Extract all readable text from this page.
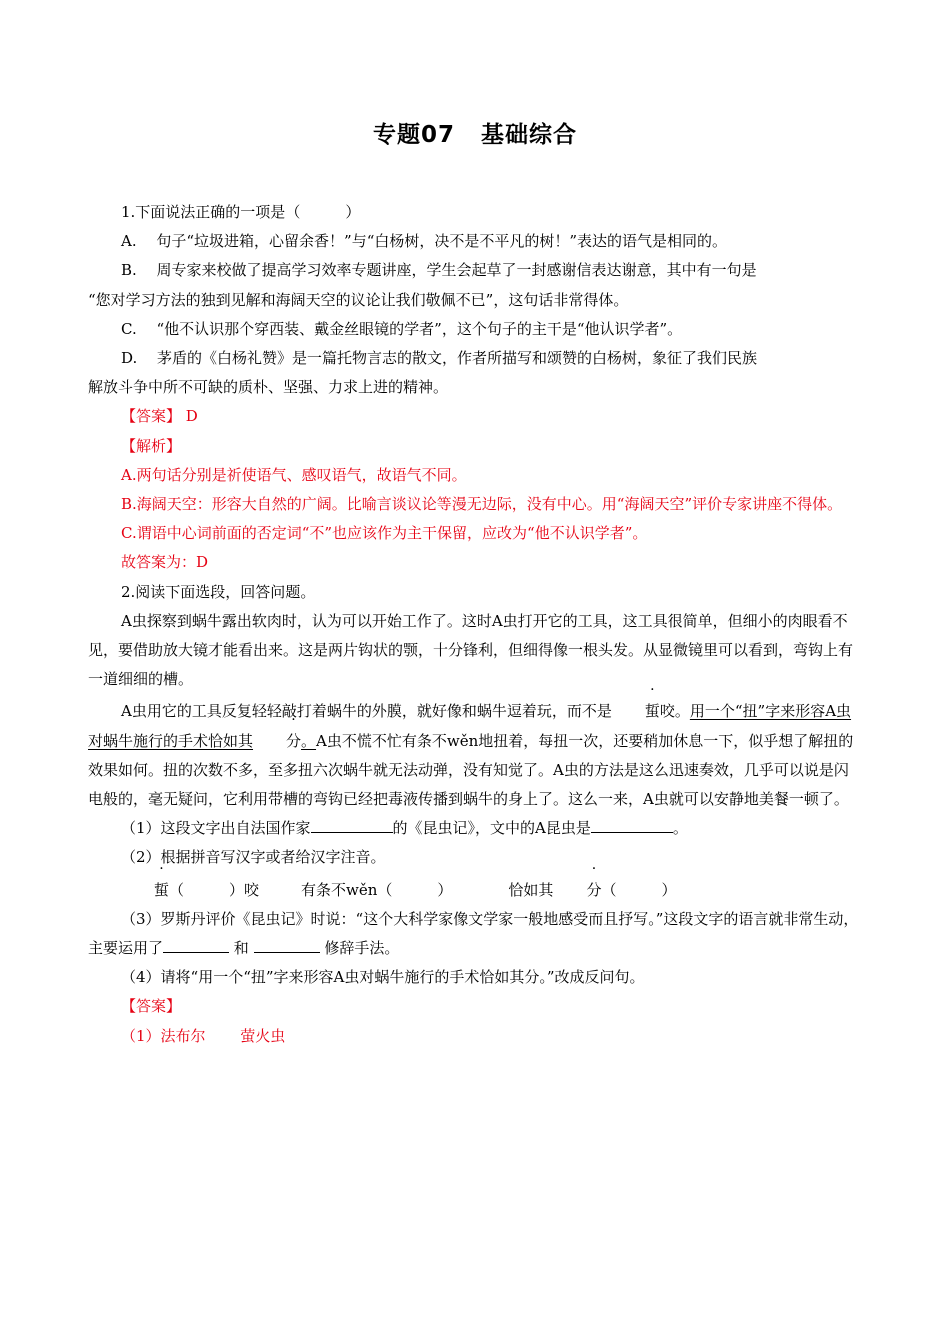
专题07 基础综合

1.下面说法正确的一项是（　　　）

A.　 句子“垃圾进箱，心留余香！”与“白杨树，决不是不平凡的树！”表达的语气是相同的。

B.　 周专家来校做了提高学习效率专题讲座，学生会起草了一封感谢信表达谢意，其中有一句是

“您对学习方法的独到见解和海阔天空的议论让我们敬佩不已”，这句话非常得体。

C.　 “他不认识那个穿西装、戴金丝眼镜的学者”，这个句子的主干是“他认识学者”。

D.　 茅盾的《白杨礼赞》是一篇托物言志的散文，作者所描写和颂赞的白杨树，象征了我们民族

解放斗争中所不可缺的质朴、坚强、力求上进的精神。

【答案】 D

【解析】

A.两句话分别是祈使语气、感叹语气，故语气不同。

B.海阔天空：形容大自然的广阔。比喻言谈议论等漫无边际，没有中心。用“海阔天空”评价专家讲座不得体。

C.谓语中心词前面的否定词“不”也应该作为主干保留，应改为“他不认识学者”。

故答案为：D

2.阅读下面选段，回答问题。

A虫探察到蜗牛露出软肉时，认为可以开始工作了。这时A虫打开它的工具，这工具很简单，但细小的肉眼看不见，要借助放大镜才能看出来。这是两片钩状的颚，十分锋利，但细得像一根头发。从显微镜里可以看到，弯钩上有一道细细的槽。

A虫用它的工具反复轻轻敲打着蜗牛的外膜，就好像和蜗牛逗着玩，而不是 蜇咬。用一个“扭”字来形容A虫对蜗牛施行的手术恰如其 分。A虫不慌不忙有条不wěn地扭着，每扭一次，还要稍加休息一下，似乎想了解扭的效果如何。扭的次数不多，至多扭六次蜗牛就无法动弹，没有知觉了。A虫的方法是这么迅速奏效，几乎可以说是闪电般的，毫无疑问，它利用带槽的弯钩已经把毒液传播到蜗牛的身上了。这么一来，A虫就可以安静地美餐一顿了。

（1）这段文字出自法国作家	的《昆虫记》，文中的A昆虫是	。

（2）根据拼音写汉字或者给汉字注音。

蜇（　　　）咬	有条不wěn（　　　）	恰如其 分（　　　）

（3）罗斯丹评价《昆虫记》时说：“这个大科学家像文学家一般地感受而且抒写。”这段文字的语言就非常生动，主要运用了	和	修辞手法。

（4）请将“用一个“扭”字来形容A虫对蜗牛施行的手术恰如其分。”改成反问句。

【答案】

（1）法布尔　　 萤火虫
